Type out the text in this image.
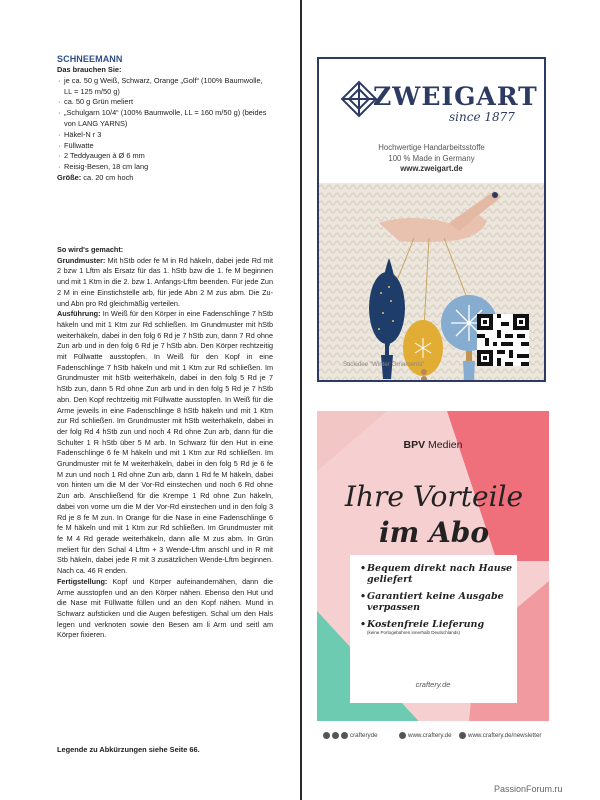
SCHNEEMANN
Das brauchen Sie:
· je ca. 50 g Weiß, Schwarz, Orange „Golf“ (100% Baumwolle, LL = 125 m/50 g)
· ca. 50 g Grün meliert
· „Schulgarn 10/4“ (100% Baumwolle, LL = 160 m/50 g) (beides von LANG YARNS)
· Häkel-N r 3
· Füllwatte
· 2 Teddyaugen à Ø 6 mm
· Reisig-Besen, 18 cm lang
Größe: ca. 20 cm hoch

So wird's gemacht:

Grundmuster: Mit hStb oder fe M in Rd häkeln, dabei jede Rd mit 2 bzw 1 Lftm als Ersatz für das 1. hStb bzw die 1. fe M beginnen und mit 1 Ktm in die 2. bzw 1. Anfangs-Lftm beenden. Für jede Zun 2 M in eine Einstichstelle arb, für jede Abn 2 M zus abm. Die Zu- und Abn pro Rd gleichmäßig verteilen.

Ausführung: In Weiß für den Körper in eine Fadenschlinge 7 hStb häkeln und mit 1 Ktm zur Rd schließen. Im Grundmuster mit hStb weiterhäkeln, dabei in den folg 6 Rd je 7 hStb zun, dann 7 Rd ohne Zun arb und in den folg 6 Rd je 7 hStb abn. Den Körper rechtzeitig mit Füllwatte ausstopfen. In Weiß für den Kopf in eine Fadenschlinge 7 hStb häkeln und mit 1 Ktm zur Rd schließen. Im Grundmuster mit hStb weiterhäkeln, dabei in den folg 5 Rd je 7 hStb zun, dann 5 Rd ohne Zun arb und in den folg 5 Rd je 7 hStb abn. Den Kopf rechtzeitig mit Füllwatte ausstopfen. In Weiß für die Arme jeweils in eine Fadenschlinge 8 hStb häkeln und mit 1 Ktm zur Rd schließen. Im Grundmuster mit hStb weiterhäkeln, dabei in der folg Rd 4 hStb zun und noch 4 Rd ohne Zun arb, dann für die Schulter 1 R hStb über 5 M arb. In Schwarz für den Hut in eine Fadenschlinge 6 fe M häkeln und mit 1 Ktm zur Rd schließen. Im Grundmuster mit fe M weiterhäkeln, dabei in den folg 5 Rd je 6 fe M zun und noch 1 Rd ohne Zun arb, dann 1 Rd fe M häkeln, dabei von hinten um die M der Vor-Rd einstechen und noch 6 Rd ohne Zun arb. Anschließend für die Krempe 1 Rd ohne Zun häkeln, dabei von vorne um die M der Vor-Rd einstechen und in den folg 3 Rd je 8 fe M zun. In Orange für die Nase in eine Fadenschlinge 6 fe M häkeln und mit 1 Ktm zur Rd schließen. Im Grundmuster mit fe M 4 Rd gerade weiterhäkeln, dann alle M zus abm. In Grün meliert für den Schal 4 Lftm + 3 Wende-Lftm anschl und in R mit Stb häkeln, dabei jede R mit 3 zusätzlichen Wende-Lftm beginnen. Nach ca. 46 R enden.

Fertigstellung: Kopf und Körper aufeinandernähen, dann die Arme ausstopfen und an den Körper nähen. Ebenso den Hut und die Nase mit Füllwatte füllen und an den Kopf nähen. Mund in Schwarz aufsticken und die Augen befestigen. Schal um den Hals legen und verknoten sowie den Besen am li Arm und seitl am Körper fixieren.

Legende zu Abkürzungen siehe Seite 66.
ZWEIGART
since 1877
Hochwertige Handarbeitsstoffe
100 % Made in Germany
www.zweigart.de
Stickidee "Winter Ornaments"
BPV Medien
Ihre Vorteile
im Abo
• Bequem direkt nach Hause geliefert
• Garantiert keine Ausgabe verpassen
• Kostenfreie Lieferung
(keine Portogebühren innerhalb Deutschlands)
craftery.de
crafteryde	www.craftery.de	www.craftery.de/newsletter
PassionForum.ru
